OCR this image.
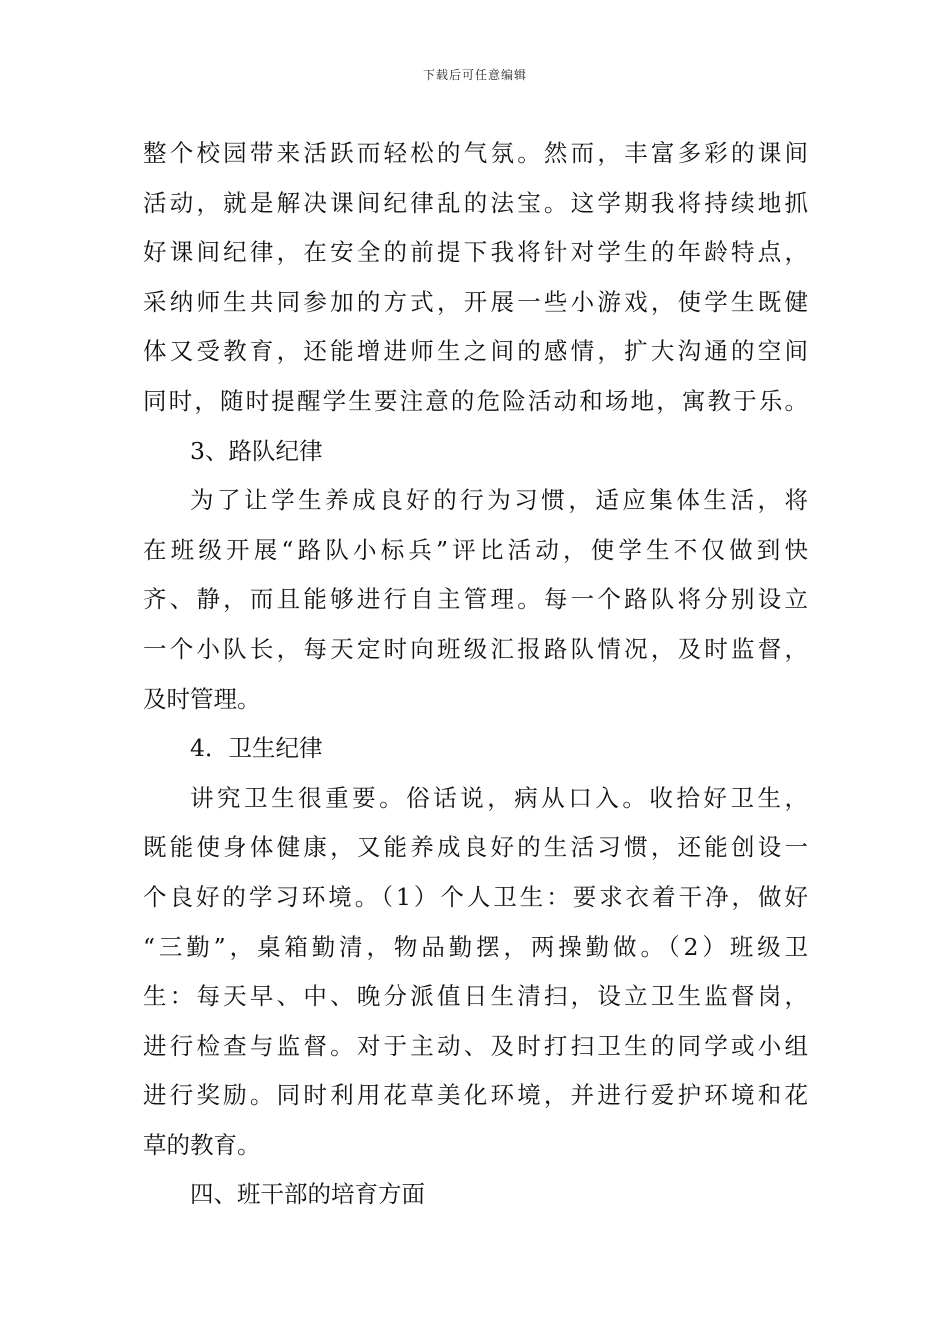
下载后可任意编辑
整个校园带来活跃而轻松的气氛。然而，丰富多彩的课间
活动，就是解决课间纪律乱的法宝。这学期我将持续地抓
好课间纪律，在安全的前提下我将针对学生的年龄特点，
采纳师生共同参加的方式，开展一些小游戏，使学生既健
体又受教育，还能增进师生之间的感情，扩大沟通的空间
同时，随时提醒学生要注意的危险活动和场地，寓教于乐。
3、路队纪律
为了让学生养成良好的行为习惯，适应集体生活，将
在班级开展“路队小标兵”评比活动，使学生不仅做到快
齐、静，而且能够进行自主管理。每一个路队将分别设立
一个小队长，每天定时向班级汇报路队情况，及时监督，
及时管理。
4．卫生纪律
讲究卫生很重要。俗话说，病从口入。收拾好卫生，
既能使身体健康，又能养成良好的生活习惯，还能创设一
个良好的学习环境。（1）个人卫生：要求衣着干净，做好
“三勤”，桌箱勤清，物品勤摆，两操勤做。（2）班级卫
生：每天早、中、晚分派值日生清扫，设立卫生监督岗，
进行检查与监督。对于主动、及时打扫卫生的同学或小组
进行奖励。同时利用花草美化环境，并进行爱护环境和花
草的教育。
四、班干部的培育方面
